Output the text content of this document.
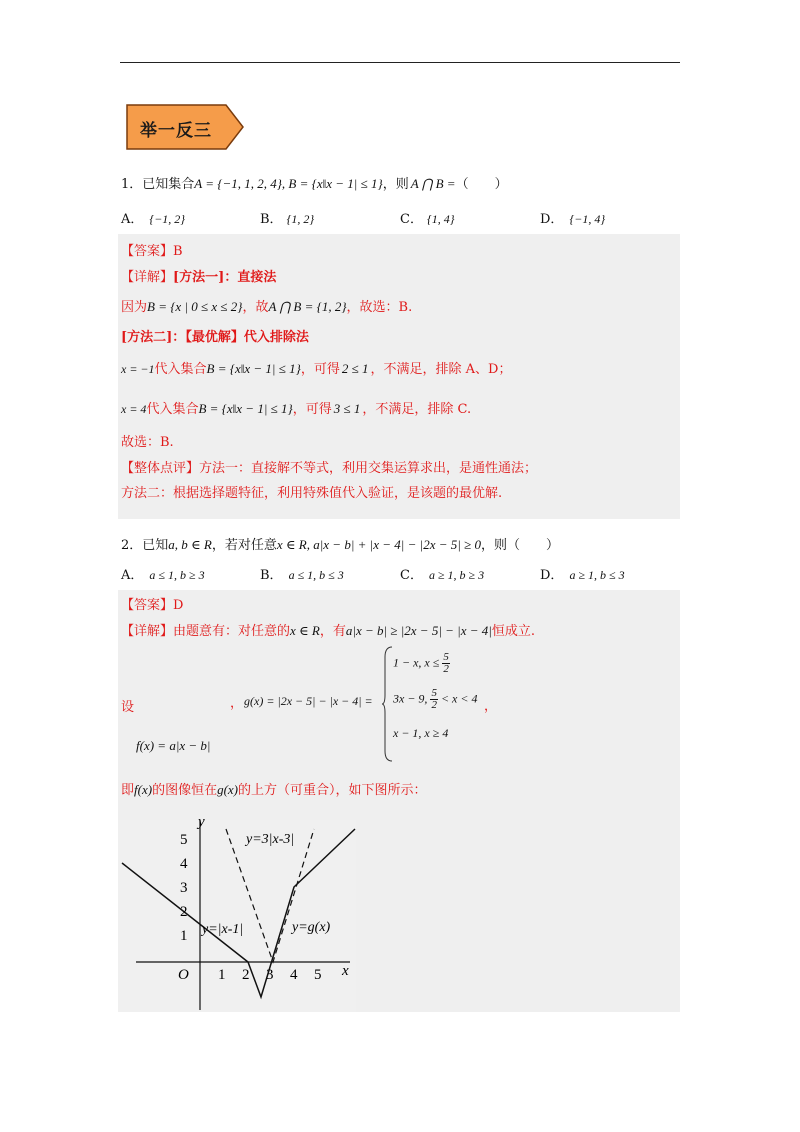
举一反三
1．已知集合A = {−1, 1, 2, 4}, B = {x‖x − 1| ≤ 1}，则 A ⋂ B =（　　）
A． {−1, 2}	B． {1, 2}	C． {1, 4}	D． {−1, 4}
【答案】B
【详解】[方法一]：直接法
因为B = {x | 0 ≤ x ≤ 2}，故A ⋂ B = {1, 2}，故选：B.
[方法二]：【最优解】代入排除法
x = −1代入集合B = {x‖x − 1| ≤ 1}，可得 2 ≤ 1 ，不满足，排除 A、D；
x = 4代入集合B = {x‖x − 1| ≤ 1}，可得 3 ≤ 1 ，不满足，排除 C.
故选：B.
【整体点评】方法一：直接解不等式，利用交集运算求出，是通性通法；
方法二：根据选择题特征，利用特殊值代入验证，是该题的最优解.
2．已知a, b ∈ R，若对任意x ∈ R, a|x − b| + |x − 4| − |2x − 5| ≥ 0，则（　　）
A． a ≤ 1, b ≥ 3	B． a ≤ 1, b ≤ 3	C． a ≥ 1, b ≥ 3	D． a ≥ 1, b ≤ 3
【答案】D
【详解】由题意有：对任意的x ∈ R，有a|x − b| ≥ |2x − 5| − |x − 4|恒成立.
设	， g(x) = |2x − 5| − |x − 4| =
1 − x, $x \le \frac{5}{2}$
3x − 9, $\frac{5}{2} < x < 4$
x − 1, x ≥ 4
，
f(x) = a|x − b|
即f(x)的图像恒在g(x)的上方（可重合），如下图所示：
y
x
O 1 2 3 4 5
1
2
3
4
5	y=3|x-3|
y=|x-1|	y=g(x)
